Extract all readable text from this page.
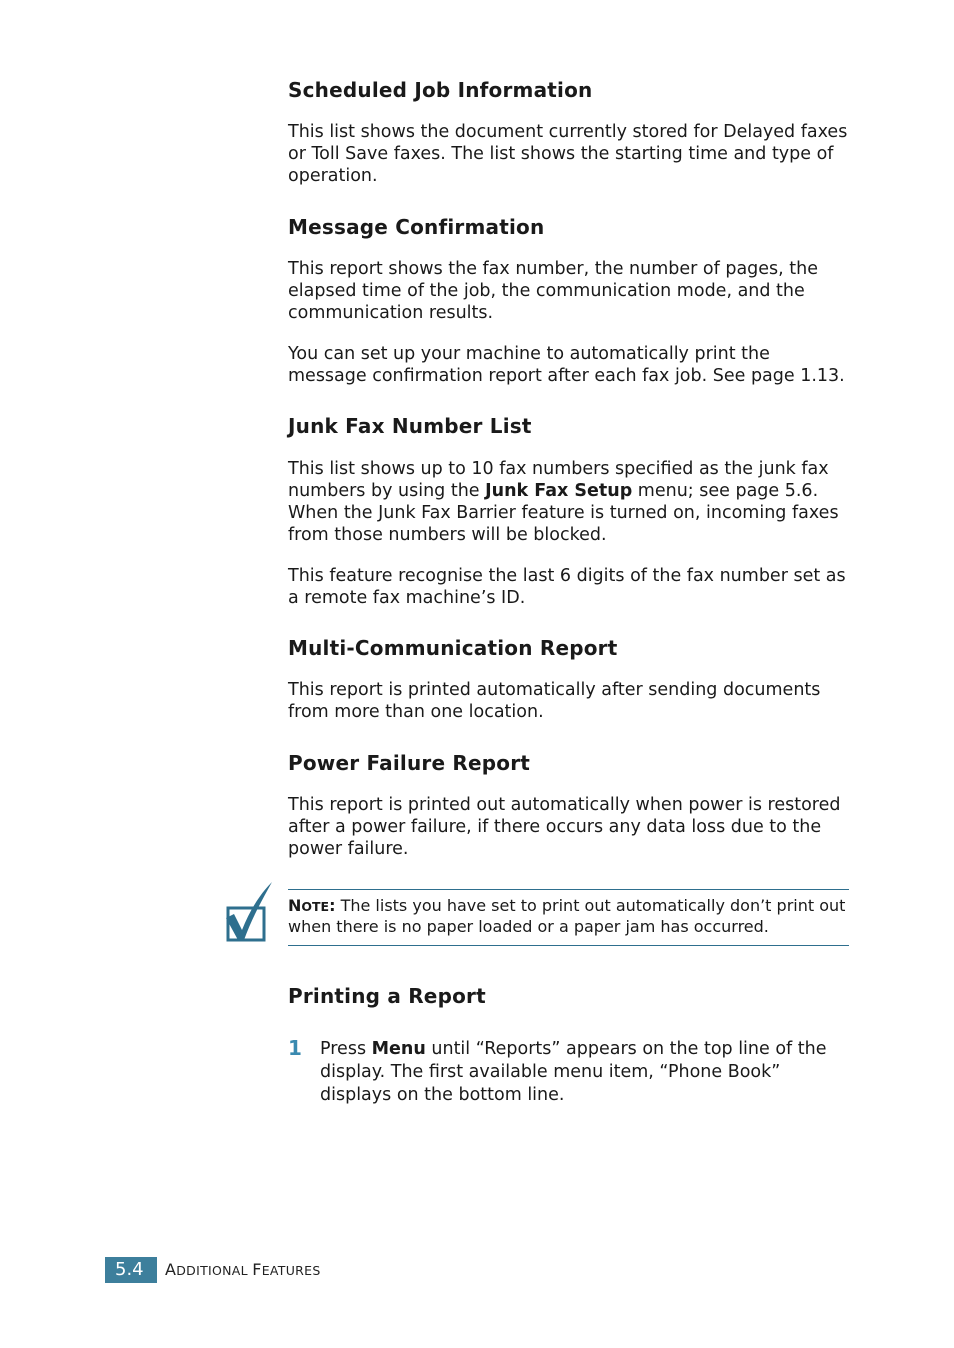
Scheduled Job Information

This list shows the document currently stored for Delayed faxes or Toll Save faxes. The list shows the starting time and type of operation.

Message Confirmation

This report shows the fax number, the number of pages, the elapsed time of the job, the communication mode, and the communication results.

You can set up your machine to automatically print the message confirmation report after each fax job. See page 1.13.

Junk Fax Number List

This list shows up to 10 fax numbers specified as the junk fax numbers by using the Junk Fax Setup menu; see page 5.6. When the Junk Fax Barrier feature is turned on, incoming faxes from those numbers will be blocked.

This feature recognise the last 6 digits of the fax number set as a remote fax machine’s ID.

Multi-Communication Report

This report is printed automatically after sending documents from more than one location.

Power Failure Report

This report is printed out automatically when power is restored after a power failure, if there occurs any data loss due to the power failure.

Printing a Report
NOTE: The lists you have set to print out automatically don’t print out when there is no paper loaded or a paper jam has occurred.
1 Press Menu until “Reports” appears on the top line of the display. The first available menu item, “Phone Book” displays on the bottom line.
5.4 ADDITIONAL FEATURES
